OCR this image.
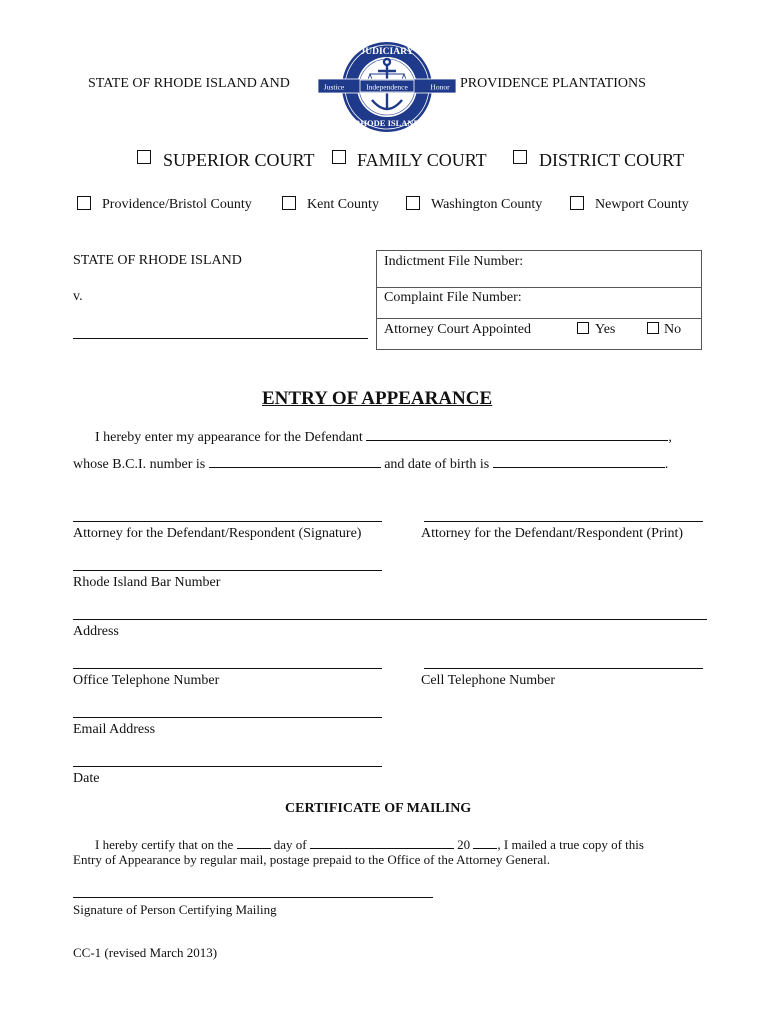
STATE OF RHODE ISLAND AND	PROVIDENCE PLANTATIONS
JUDICIARY
RHODE ISLAND
Justice	Independence	Honor
SUPERIOR COURT FAMILY COURT	DISTRICT COURT
Providence/Bristol County	Kent County	Washington County	Newport County
STATE OF RHODE ISLAND
v.
Indictment File Number:
Complaint File Number:
Attorney Court Appointed	Yes	No
ENTRY OF APPEARANCE
I hereby enter my appearance for the Defendant	,
whose B.C.I. number is	and date of birth is	.
Attorney for the Defendant/Respondent (Signature)	Attorney for the Defendant/Respondent (Print)
Rhode Island Bar Number
Address
Office Telephone Number	Cell Telephone Number
Email Address
Date
CERTIFICATE OF MAILING
I hereby certify that on the	day of	20 , I mailed a true copy of this
Entry of Appearance by regular mail, postage prepaid to the Office of the Attorney General.
Signature of Person Certifying Mailing
CC-1 (revised March 2013)
